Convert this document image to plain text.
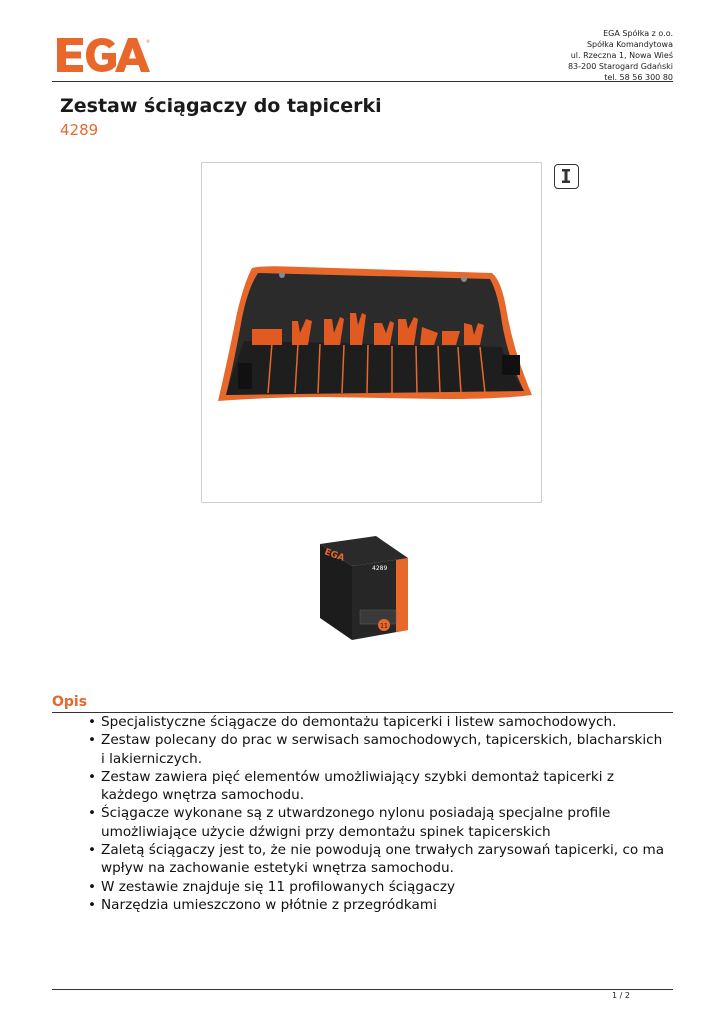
®
EGA Spółka z o.o.
Spółka Komandytowa
ul. Rzeczna 1, Nowa Wieś
83-200 Starogard Gdański
tel. 58 56 300 80
Zestaw ściągaczy do tapicerki
4289
11
EGA
4289
Opis
• Specjalistyczne ściągacze do demontażu tapicerki i listew samochodowych.
• Zestaw polecany do prac w serwisach samochodowych, tapicerskich, blacharskich i lakierniczych.
• Zestaw zawiera pięć elementów umożliwiający szybki demontaż tapicerki z każdego wnętrza samochodu.
• Ściągacze wykonane są z utwardzonego nylonu posiadają specjalne profile umożliwiające użycie dźwigni przy demontażu spinek tapicerskich
• Zaletą ściągaczy jest to, że nie powodują one trwałych zarysowań tapicerki, co ma wpływ na zachowanie estetyki wnętrza samochodu.
• W zestawie znajduje się 11 profilowanych ściągaczy
• Narzędzia umieszczono w płótnie z przegródkami
1 / 2
